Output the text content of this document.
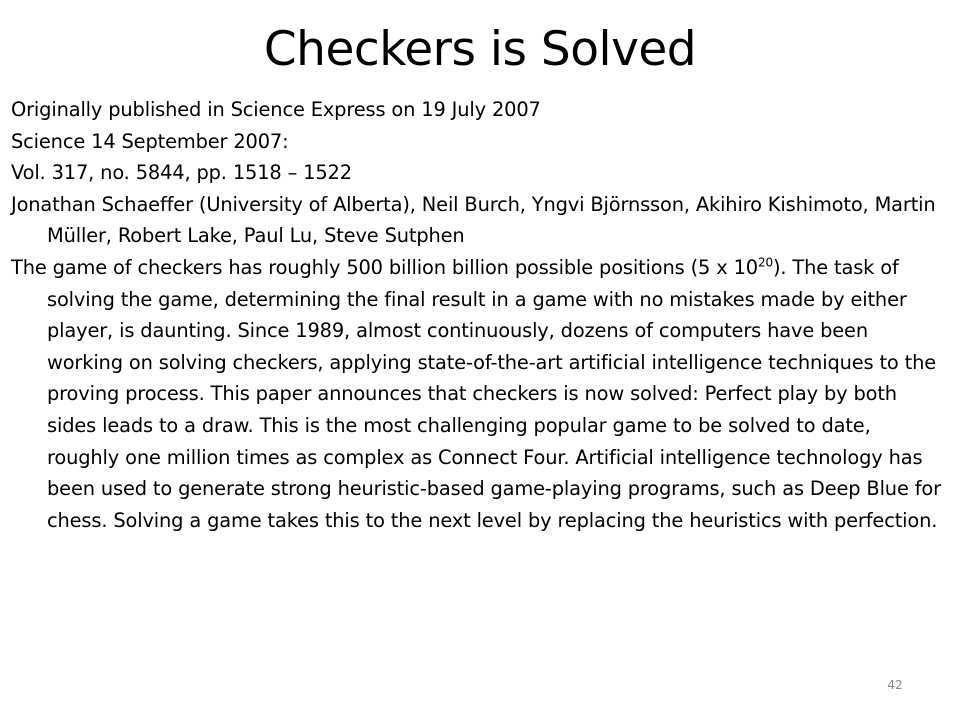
Checkers is Solved

Originally published in Science Express on 19 July 2007

Science 14 September 2007:

Vol. 317, no. 5844, pp. 1518 – 1522

Jonathan Schaeffer (University of Alberta), Neil Burch, Yngvi Björnsson, Akihiro Kishimoto, Martin Müller, Robert Lake, Paul Lu, Steve Sutphen

The game of checkers has roughly 500 billion billion possible positions (5 x $10^{20}$). The task of solving the game, determining the final result in a game with no mistakes made by either player, is daunting. Since 1989, almost continuously, dozens of computers have been working on solving checkers, applying state-of-the-art artificial intelligence techniques to the proving process. This paper announces that checkers is now solved: Perfect play by both sides leads to a draw. This is the most challenging popular game to be solved to date, roughly one million times as complex as Connect Four. Artificial intelligence technology has been used to generate strong heuristic-based game-playing programs, such as Deep Blue for chess. Solving a game takes this to the next level by replacing the heuristics with perfection.

42
